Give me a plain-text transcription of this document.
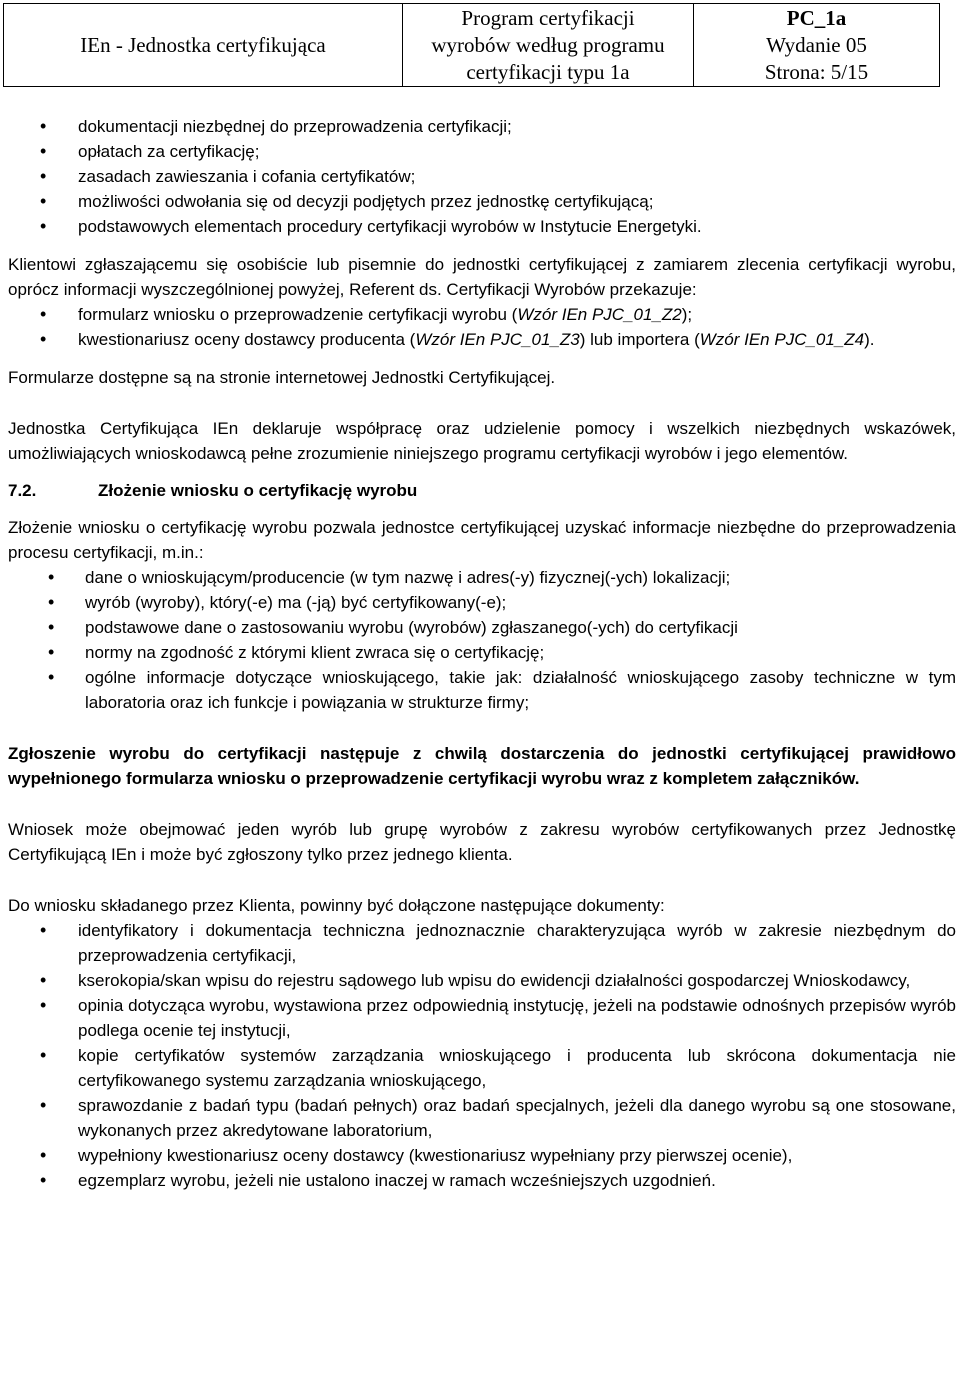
IEn - Jednostka certyfikująca
Program certyfikacji
wyrobów według programu
certyfikacji typu 1a
PC_1a
Wydanie 05
Strona: 5/15
• dokumentacji niezbędnej do przeprowadzenia certyfikacji;
• opłatach za certyfikację;
• zasadach zawieszania i cofania certyfikatów;
• możliwości odwołania się od decyzji podjętych przez jednostkę certyfikującą;
• podstawowych elementach procedury certyfikacji wyrobów w Instytucie Energetyki.

Klientowi zgłaszającemu się osobiście lub pisemnie do jednostki certyfikującej z zamiarem zlecenia certyfikacji wyrobu, oprócz informacji wyszczególnionej powyżej, Referent ds. Certyfikacji Wyrobów przekazuje:

• formularz wniosku o przeprowadzenie certyfikacji wyrobu (Wzór IEn PJC_01_Z2);
• kwestionariusz oceny dostawcy producenta (Wzór IEn PJC_01_Z3) lub importera (Wzór IEn PJC_01_Z4).

Formularze dostępne są na stronie internetowej Jednostki Certyfikującej.

Jednostka Certyfikująca IEn deklaruje współpracę oraz udzielenie pomocy i wszelkich niezbędnych wskazówek, umożliwiających wnioskodawcą pełne zrozumienie niniejszego programu certyfikacji wyrobów i jego elementów.

7.2.	Złożenie wniosku o certyfikację wyrobu

Złożenie wniosku o certyfikację wyrobu pozwala jednostce certyfikującej uzyskać informacje niezbędne do przeprowadzenia procesu certyfikacji, m.in.:

• dane o wnioskującym/producencie (w tym nazwę i adres(-y) fizycznej(-ych) lokalizacji;
• wyrób (wyroby), który(-e) ma (-ją) być certyfikowany(-e);
• podstawowe dane o zastosowaniu wyrobu (wyrobów) zgłaszanego(-ych) do certyfikacji
• normy na zgodność z którymi klient zwraca się o certyfikację;
• ogólne informacje dotyczące wnioskującego, takie jak: działalność wnioskującego zasoby techniczne w tym laboratoria oraz ich funkcje i powiązania w strukturze firmy;

Zgłoszenie wyrobu do certyfikacji następuje z chwilą dostarczenia do jednostki certyfikującej prawidłowo wypełnionego formularza wniosku o przeprowadzenie certyfikacji wyrobu wraz z kompletem załączników.

Wniosek może obejmować jeden wyrób lub grupę wyrobów z zakresu wyrobów certyfikowanych przez Jednostkę Certyfikującą IEn i może być zgłoszony tylko przez jednego klienta.

Do wniosku składanego przez Klienta, powinny być dołączone następujące dokumenty:

• identyfikatory i dokumentacja techniczna jednoznacznie charakteryzująca wyrób w zakresie niezbędnym do przeprowadzenia certyfikacji,
• kserokopia/skan wpisu do rejestru sądowego lub wpisu do ewidencji działalności gospodarczej Wnioskodawcy,
• opinia dotycząca wyrobu, wystawiona przez odpowiednią instytucję, jeżeli na podstawie odnośnych przepisów wyrób podlega ocenie tej instytucji,
• kopie certyfikatów systemów zarządzania wnioskującego i producenta lub skrócona dokumentacja nie certyfikowanego systemu zarządzania wnioskującego,
• sprawozdanie z badań typu (badań pełnych) oraz badań specjalnych, jeżeli dla danego wyrobu są one stosowane, wykonanych przez akredytowane laboratorium,
• wypełniony kwestionariusz oceny dostawcy (kwestionariusz wypełniany przy pierwszej ocenie),
• egzemplarz wyrobu, jeżeli nie ustalono inaczej w ramach wcześniejszych uzgodnień.
